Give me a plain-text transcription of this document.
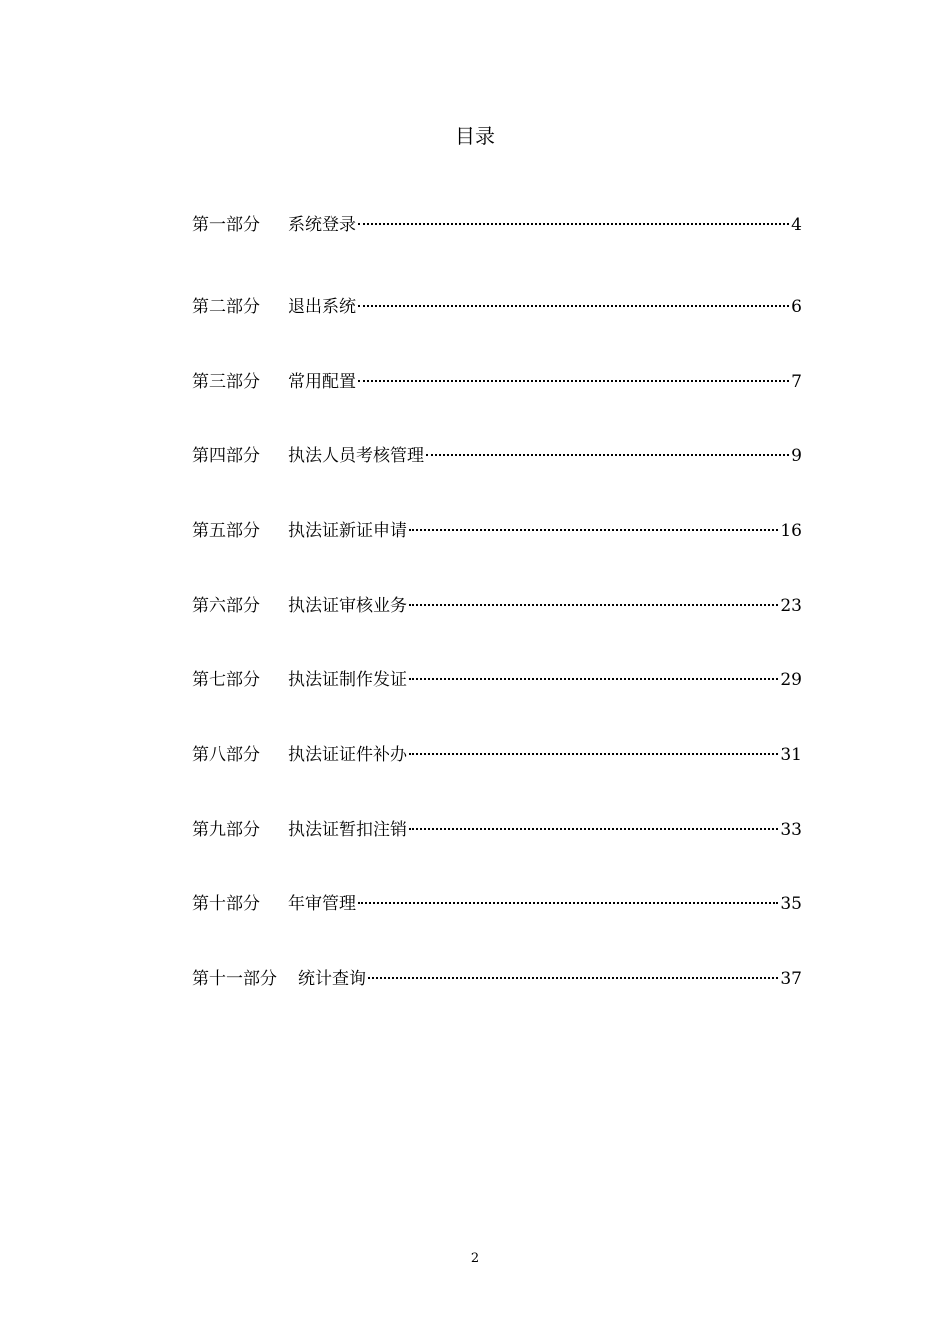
目录
第一部分	系统登录	4
第二部分	退出系统	6
第三部分	常用配置	7
第四部分	执法人员考核管理	9
第五部分	执法证新证申请	16
第六部分	执法证审核业务	23
第七部分	执法证制作发证	29
第八部分	执法证证件补办	31
第九部分	执法证暂扣注销	33
第十部分	年审管理	35
第十一部分	统计查询	37
2
